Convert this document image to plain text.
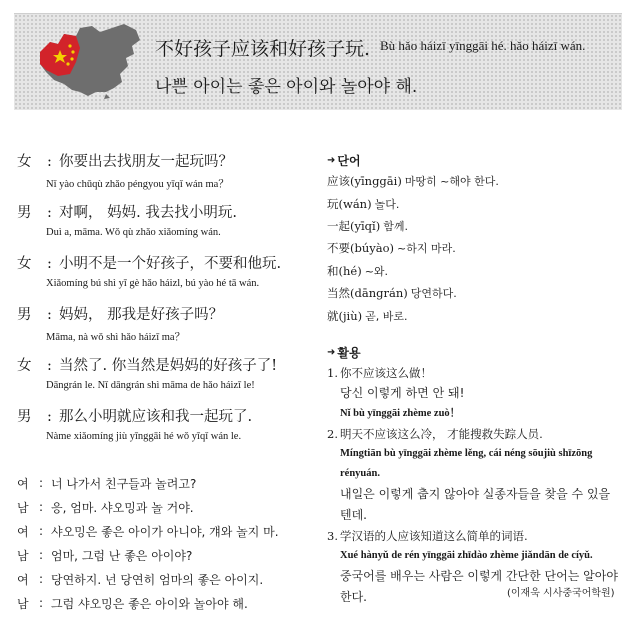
不好孩子应该和好孩子玩. Bù hǎo háizī yīnggāi hé. hǎo háizī wán.
나쁜 아이는 좋은 아이와 놀아야 해.
女	: 你要出去找朋友一起玩吗？
Nǐ yào chūqù zhǎo péngyou yīqǐ wán ma？
男	: 对啊， 妈妈. 我去找小明玩.
Duì a, māma. Wǒ qù zhǎo xiǎomíng wán.
女	: 小明不是一个好孩子，不要和他玩.
Xiǎomíng bú shì yī gè hǎo háizl, bú yào hé tā wán.
男	: 妈妈， 那我是好孩子吗？
Māma, nà wǒ shì hǎo háizī ma？
女	: 当然了. 你当然是妈妈的好孩子了!
Dāngrán le. Nǐ dāngrán shì māma de hǎo háizī le!
男	: 那么小明就应该和我一起玩了.
Nàme xiǎomíng jiù yīnggāi hé wǒ yīqǐ wán le.
여 : 너 나가서 친구들과 놀려고?
남 : 응, 엄마. 샤오밍과 놀 거야.
여 : 샤오밍은 좋은 아이가 아니야, 걔와 놀지 마.
남 : 엄마, 그럼 난 좋은 아이야?
여 : 당연하지. 넌 당연히 엄마의 좋은 아이지.
남 : 그럼 샤오밍은 좋은 아이와 놀아야 해.
➜ 단어
应该(yīnggāi) 마땅히 ~해야 한다.
玩(wán) 놀다.
一起(yīqǐ) 함께.
不要(búyào) ~하지 마라.
和(hé) ~와.
当然(dāngrán) 당연하다.
就(jiù) 곧, 바로.
➜ 활용
1. 你不应该这么做！
당신 이렇게 하면 안 돼!
Nǐ bù yīnggāi zhème zuò！
2. 明天不应该这么冷， 才能搜救失踪人员.
Míngtiān bù yīnggāi zhème lěng, cái néng sōujiù shīzōng rényuán.
내일은 이렇게 춥지 않아야 실종자들을 찾을 수 있을 텐데.
3. 学汉语的人应该知道这么简单的词语.
Xué hànyǔ de rén yīnggāi zhīdào zhème jiǎndān de cíyǔ.
중국어를 배우는 사람은 이렇게 간단한 단어는 알아야 한다.	(이재욱 시사중국어학원)
